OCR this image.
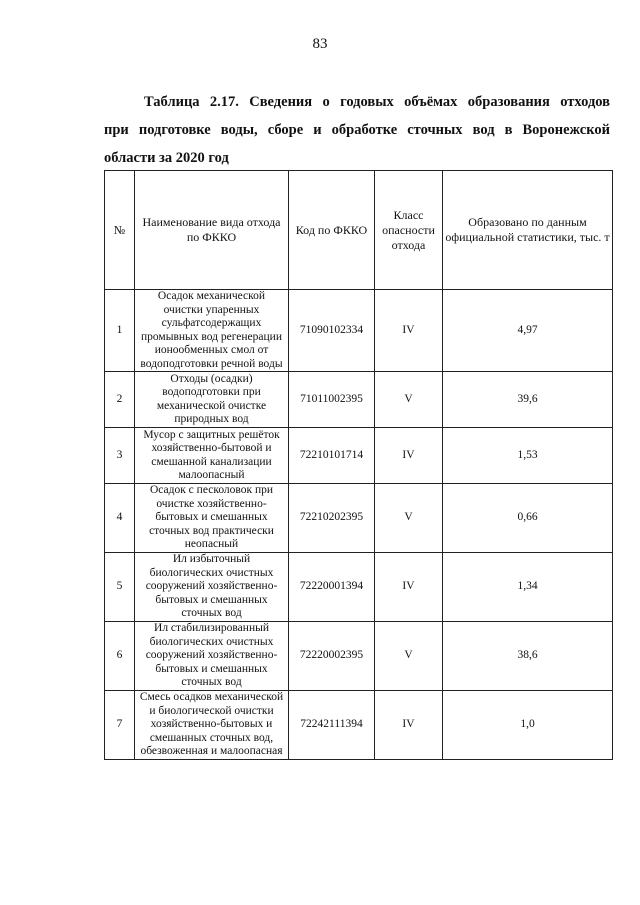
83
Таблица 2.17. Сведения о годовых объёмах образования отходов
при подготовке воды, сборе и обработке сточных вод в Воронежской
области за 2020 год
№	Наименование вида отхода по ФККО	Код по ФККО	Класс опасности отхода	Образовано по данным официальной статистики, тыс. т
1	Осадок механической очистки упаренных сульфатсодержащих промывных вод регенерации ионообменных смол от водоподготовки речной воды	71090102334	IV	4,97
2	Отходы (осадки) водоподготовки при механической очистке природных вод	71011002395	V	39,6
3	Мусор с защитных решёток хозяйственно-бытовой и смешанной канализации малоопасный	72210101714	IV	1,53
4	Осадок с песколовок при очистке хозяйственно-бытовых и смешанных сточных вод практически неопасный	72210202395	V	0,66
5	Ил избыточный биологических очистных сооружений хозяйственно-бытовых и смешанных сточных вод	72220001394	IV	1,34
6	Ил стабилизированный биологических очистных сооружений хозяйственно-бытовых и смешанных сточных вод	72220002395	V	38,6
7	Смесь осадков механической и биологической очистки хозяйственно-бытовых и смешанных сточных вод, обезвоженная и малоопасная	72242111394	IV	1,0
